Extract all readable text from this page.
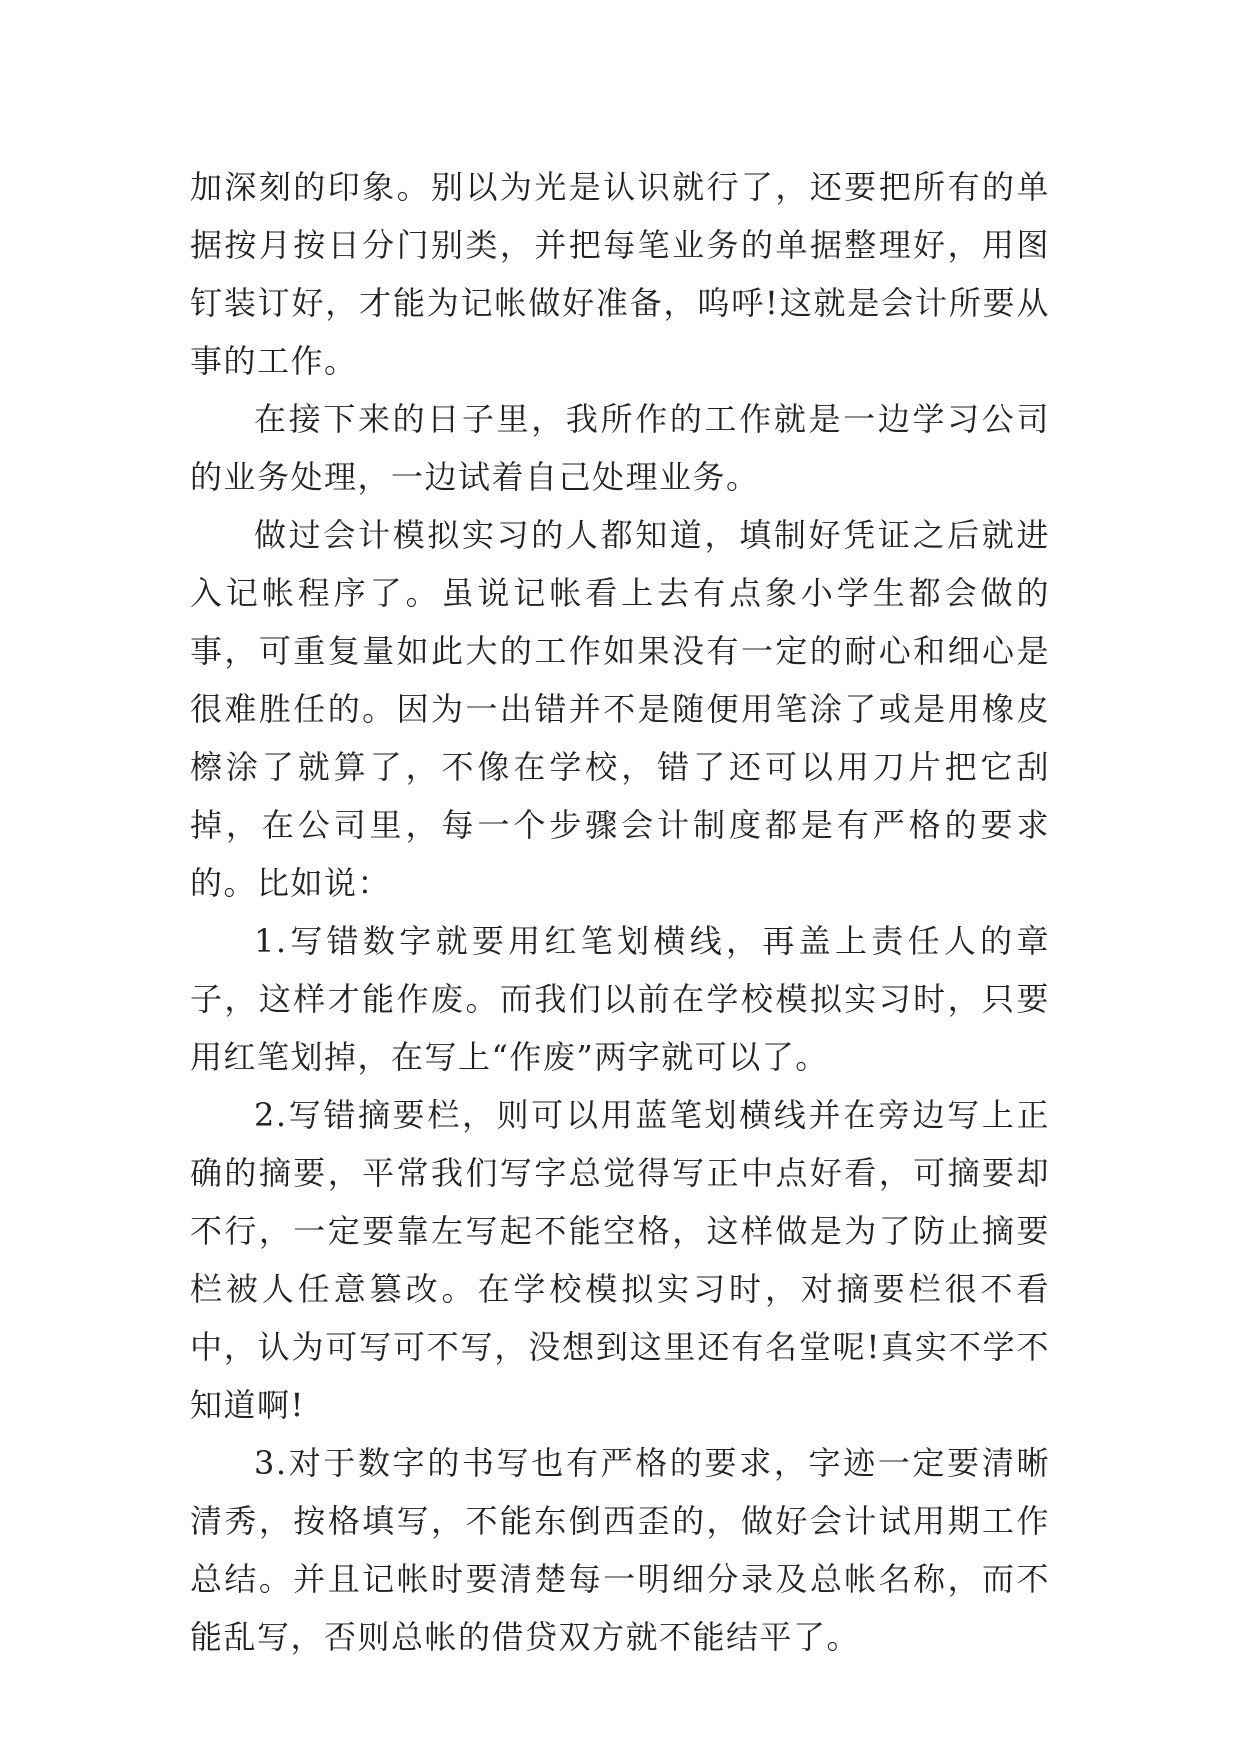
加深刻的印象。别以为光是认识就行了，还要把所有的单据按月按日分门别类，并把每笔业务的单据整理好，用图钉装订好，才能为记帐做好准备，呜呼!这就是会计所要从事的工作。

在接下来的日子里，我所作的工作就是一边学习公司的业务处理，一边试着自己处理业务。

做过会计模拟实习的人都知道，填制好凭证之后就进入记帐程序了。虽说记帐看上去有点象小学生都会做的事，可重复量如此大的工作如果没有一定的耐心和细心是很难胜任的。因为一出错并不是随便用笔涂了或是用橡皮檫涂了就算了，不像在学校，错了还可以用刀片把它刮掉，在公司里，每一个步骤会计制度都是有严格的要求的。比如说：

1.写错数字就要用红笔划横线，再盖上责任人的章子，这样才能作废。而我们以前在学校模拟实习时，只要用红笔划掉，在写上“作废”两字就可以了。

2.写错摘要栏，则可以用蓝笔划横线并在旁边写上正确的摘要，平常我们写字总觉得写正中点好看，可摘要却不行，一定要靠左写起不能空格，这样做是为了防止摘要栏被人任意篡改。在学校模拟实习时，对摘要栏很不看中，认为可写可不写，没想到这里还有名堂呢!真实不学不知道啊!

3.对于数字的书写也有严格的要求，字迹一定要清晰清秀，按格填写，不能东倒西歪的，做好会计试用期工作总结。并且记帐时要清楚每一明细分录及总帐名称，而不能乱写，否则总帐的借贷双方就不能结平了。
